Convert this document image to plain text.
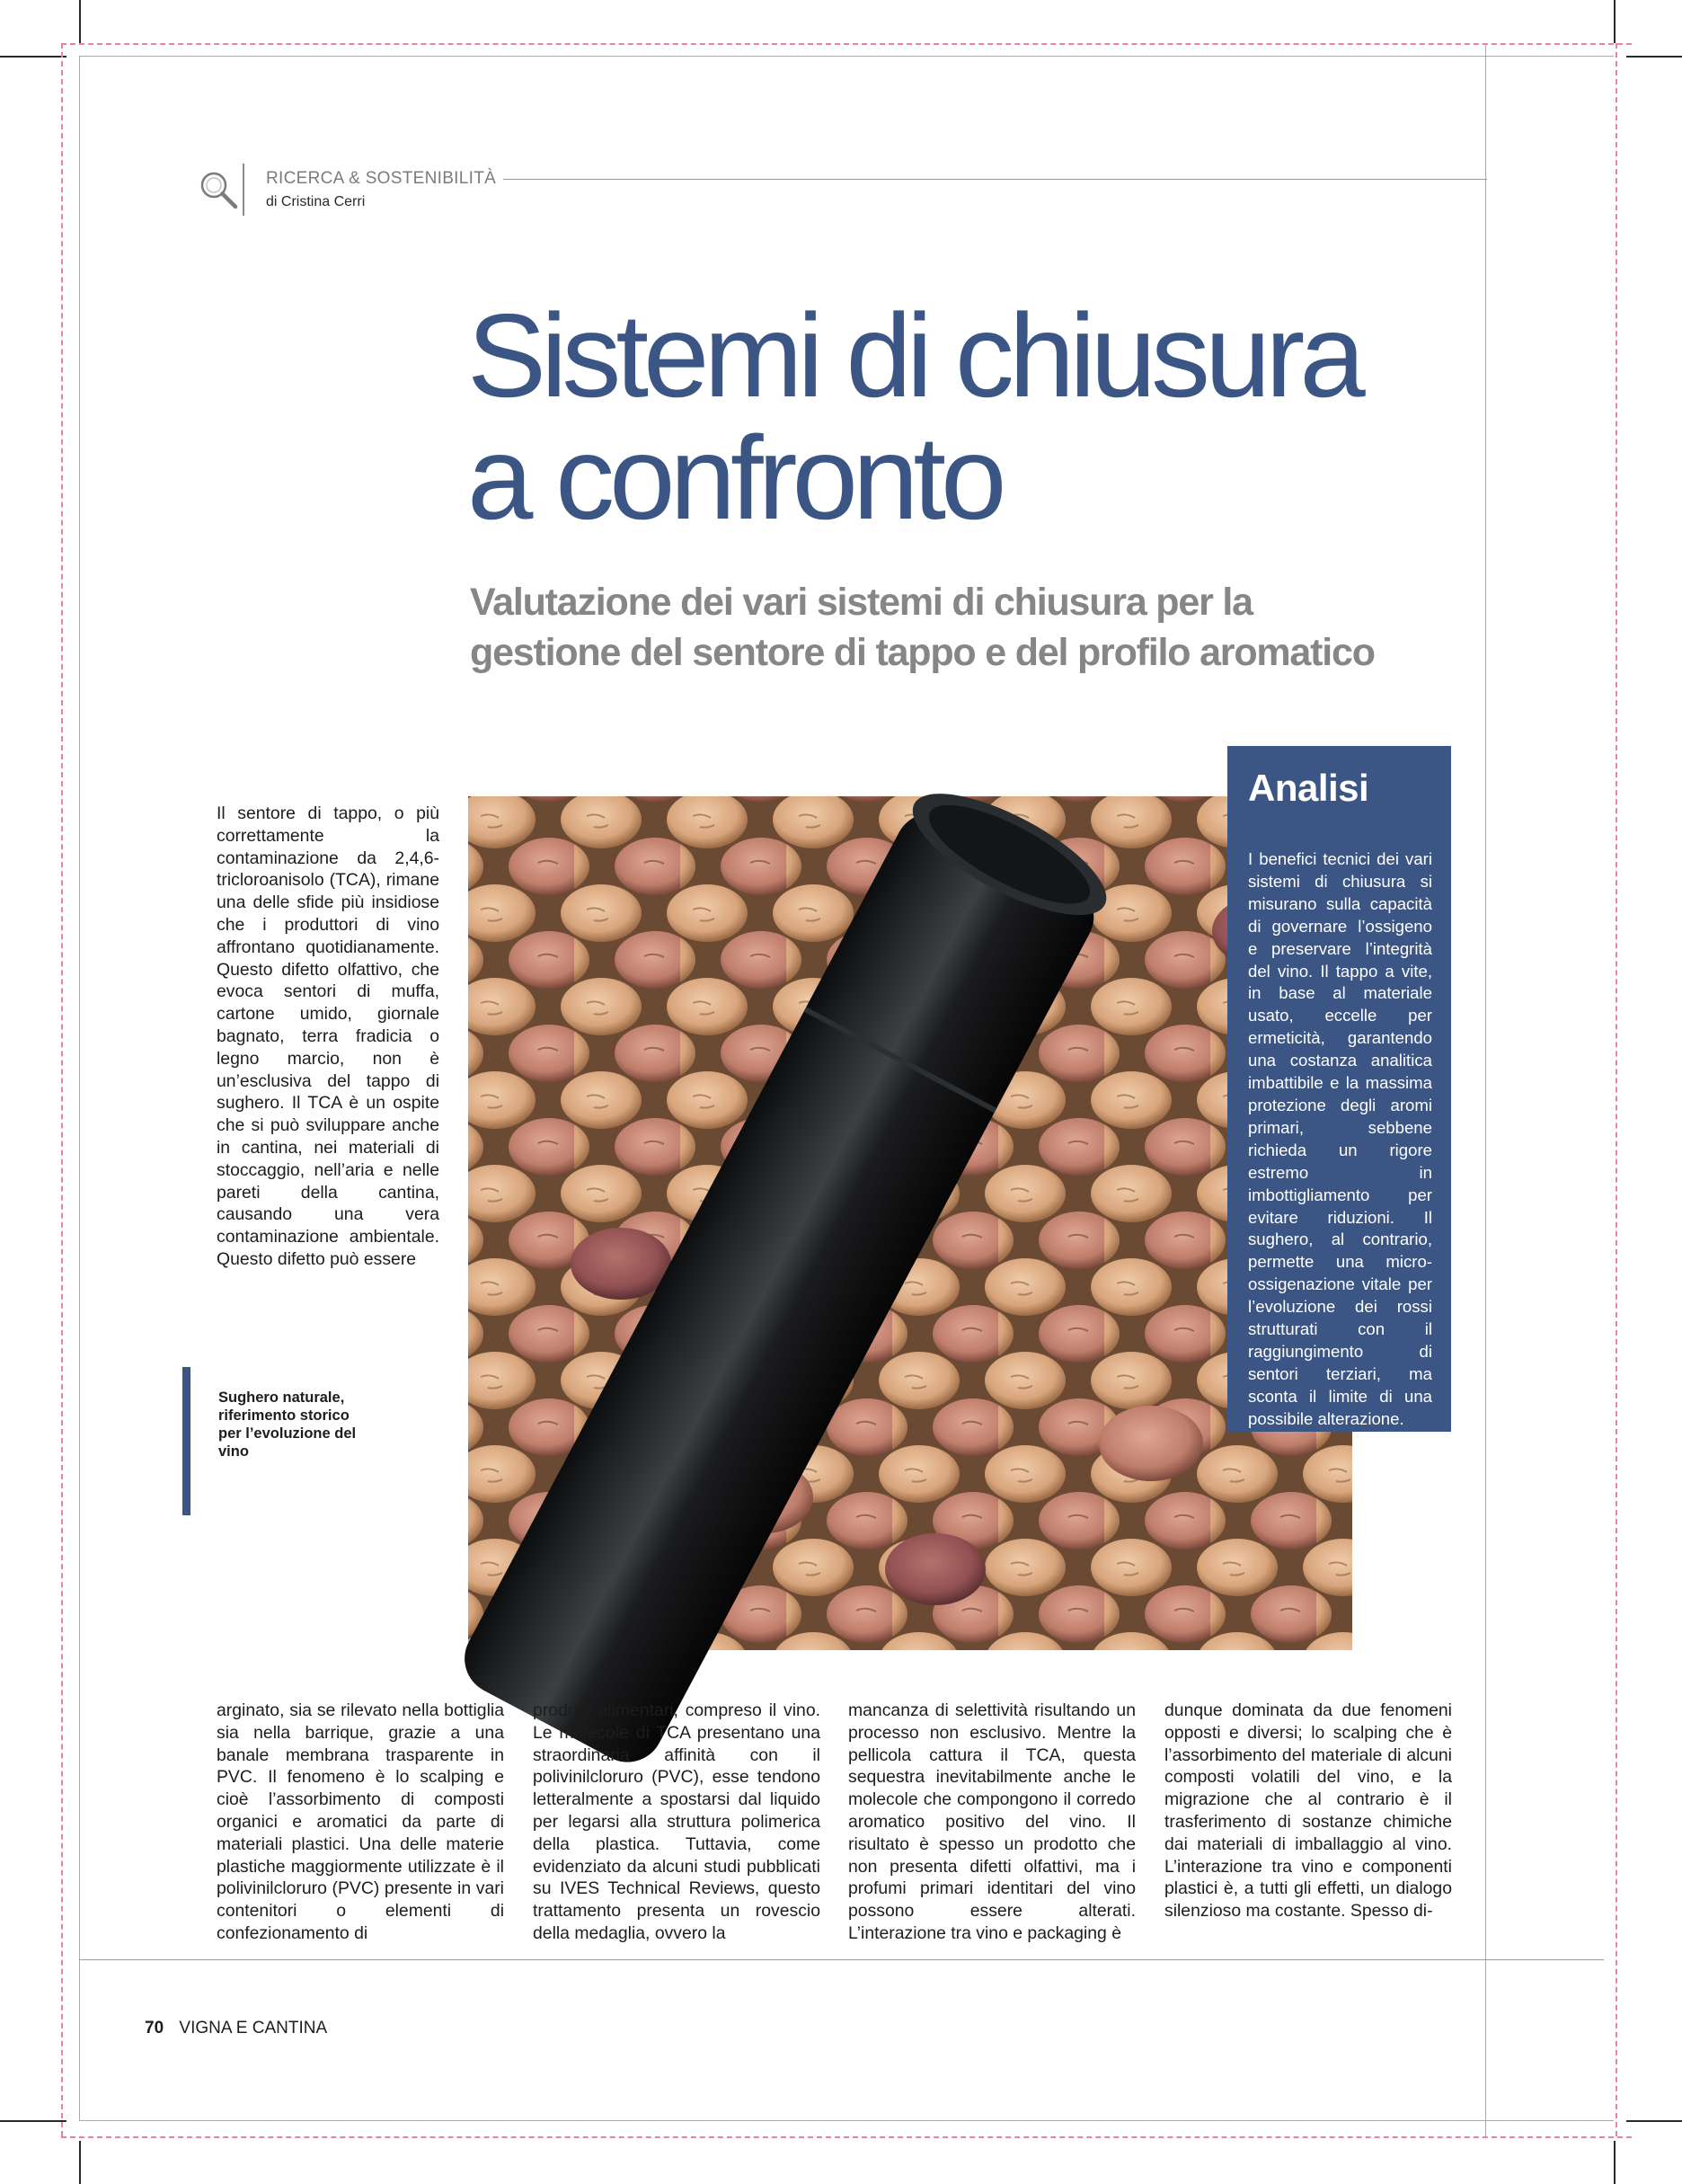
RICERCA & SOSTENIBILITÀ
di Cristina Cerri
Sistemi di chiusura
a confronto
Valutazione dei vari sistemi di chiusura per la
gestione del sentore di tappo e del profilo aromatico

Il sentore di tappo, o più correttamente la contaminazione da 2,4,6-tricloroanisolo (TCA), rimane una delle sfide più insidiose che i produttori di vino affrontano quotidianamente. Questo difetto olfattivo, che evoca sentori di muffa, cartone umido, giornale bagnato, terra fradicia o legno marcio, non è un’esclusiva del tappo di sughero. Il TCA è un ospite che si può sviluppare anche in cantina, nei materiali di stoccaggio, nell’aria e nelle pareti della cantina, causando una vera contaminazione ambientale. Questo difetto può essere

Sughero naturale, riferimento storico per l’evoluzione del vino

Analisi

I benefici tecnici dei vari sistemi di chiusura si misurano sulla capacità di governare l’ossigeno e preservare l’integrità del vino. Il tappo a vite, in base al materiale usato, eccelle per ermeticità, garantendo una costanza analitica imbattibile e la massima protezione degli aromi primari, sebbene richieda un rigore estremo in imbottigliamento per evitare riduzioni. Il sughero, al contrario, permette una micro-ossigenazione vitale per l’evoluzione dei rossi strutturati con il raggiungimento di sentori terziari, ma sconta il limite di una possibile alterazione.

arginato, sia se rilevato nella bottiglia sia nella barrique, grazie a una banale membrana trasparente in PVC. Il fenomeno è lo scalping e cioè l’assorbimento di composti organici e aromatici da parte di materiali plastici. Una delle materie plastiche maggiormente utilizzate è il polivinilcloruro (PVC) presente in vari contenitori o elementi di confezionamento di

prodotti alimentari, compreso il vino. Le molecole di TCA presentano una straordinaria affinità con il polivinilcloruro (PVC), esse tendono letteralmente a spostarsi dal liquido per legarsi alla struttura polimerica della plastica. Tuttavia, come evidenziato da alcuni studi pubblicati su IVES Technical Reviews, questo trattamento presenta un rovescio della medaglia, ovvero la

mancanza di selettività risultando un processo non esclusivo. Mentre la pellicola cattura il TCA, questa sequestra inevitabilmente anche le molecole che compongono il corredo aromatico positivo del vino. Il risultato è spesso un prodotto che non presenta difetti olfattivi, ma i profumi primari identitari del vino possono essere alterati. L’interazione tra vino e packaging è

dunque dominata da due fenomeni opposti e diversi; lo scalping che è l’assorbimento del materiale di alcuni composti volatili del vino, e la migrazione che al contrario è il trasferimento di sostanze chimiche dai materiali di imballaggio al vino. L’interazione tra vino e componenti plastici è, a tutti gli effetti, un dialogo silenzioso ma costante. Spesso di-

70 VIGNA E CANTINA
